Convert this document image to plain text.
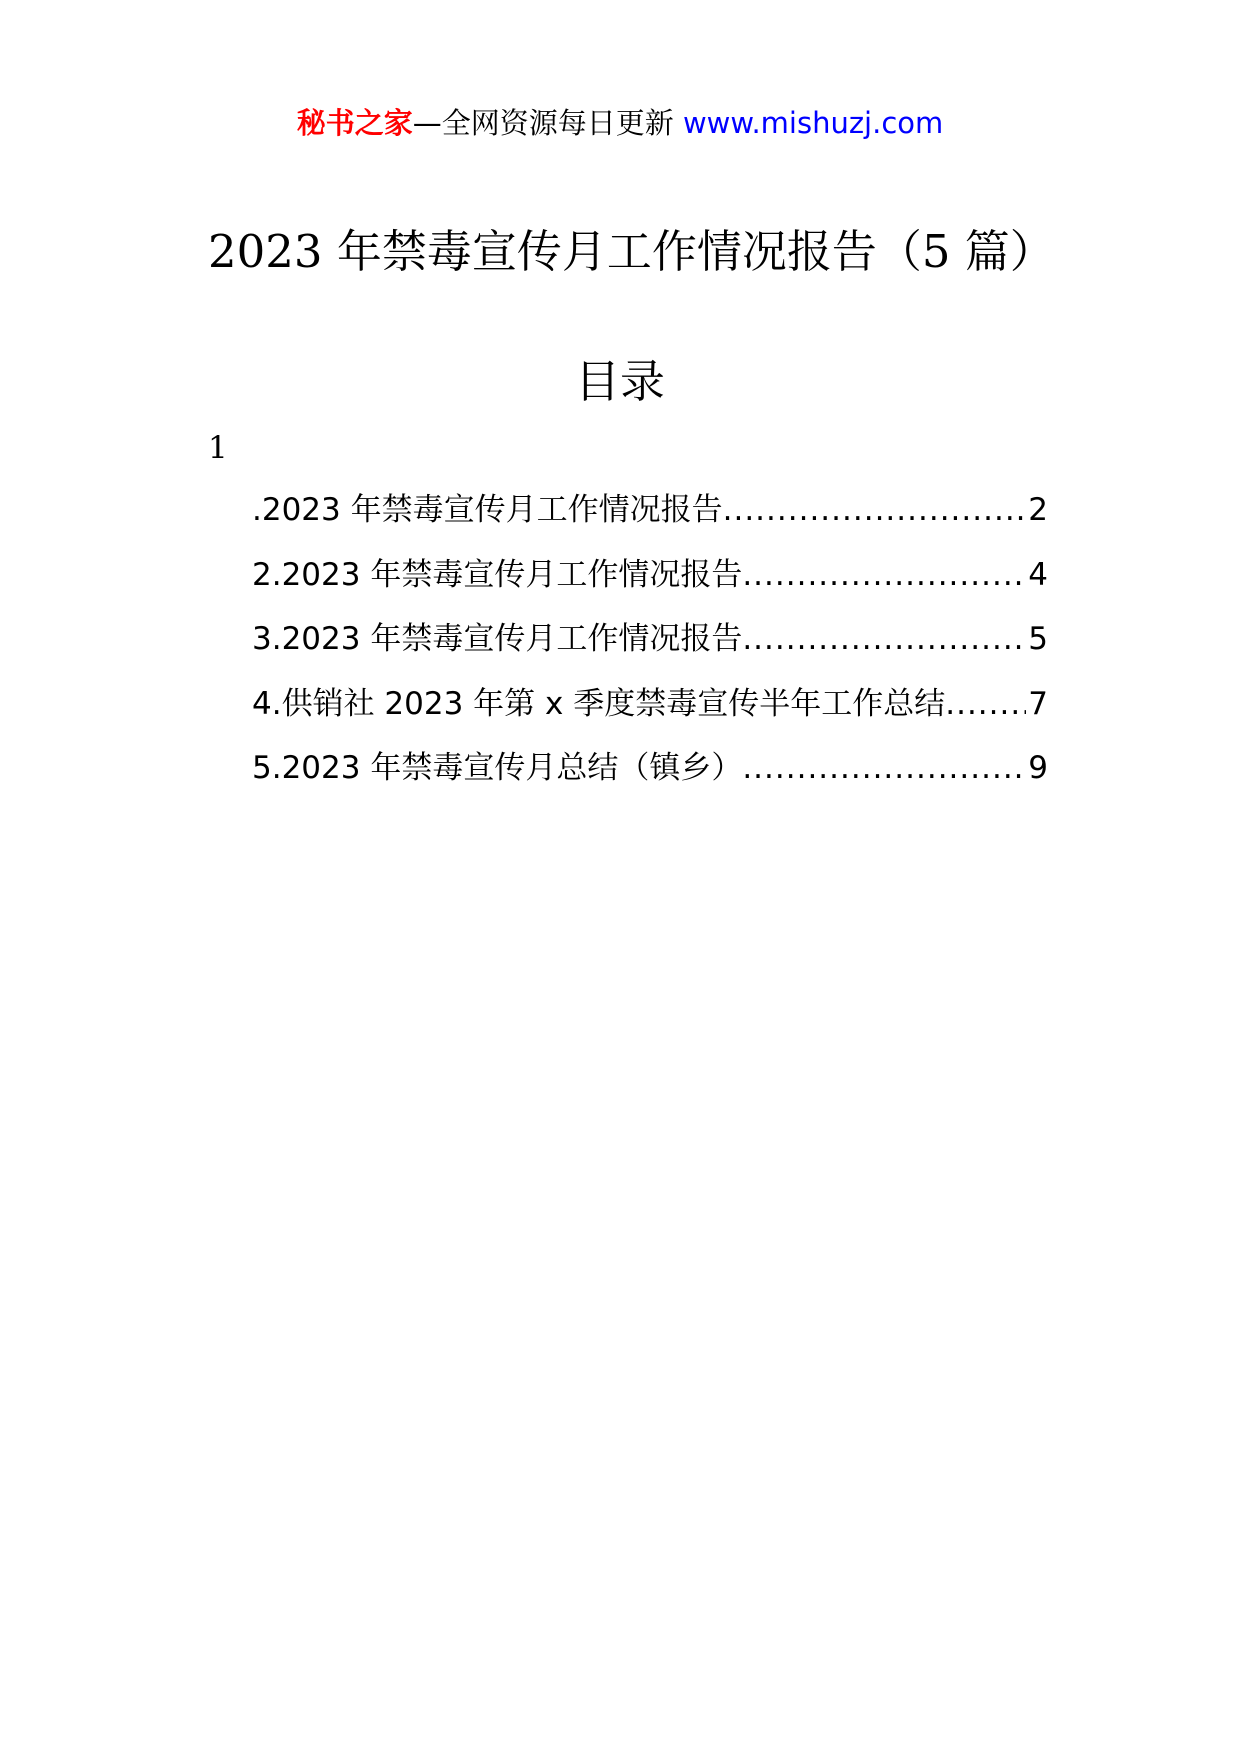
秘书之家—全网资源每日更新 www.mishuzj.com
2023 年禁毒宣传月工作情况报告（5 篇）
目录
1
.2023 年禁毒宣传月工作情况报告 .....	2
2.2023 年禁毒宣传月工作情况报告 .....	4
3.2023 年禁毒宣传月工作情况报告 .....	5
4.供销社 2023 年第 x 季度禁毒宣传半年工作总结 .....	7
5.2023 年禁毒宣传月总结（镇乡） .....	9
